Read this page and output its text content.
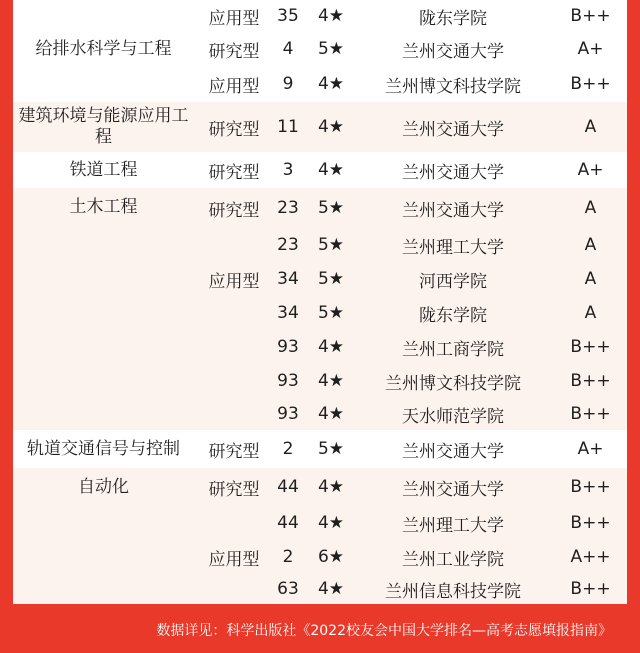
应用型	35	4★	陇东学院	B++
给排水科学与工程	研究型	4	5★	兰州交通大学	A+
应用型	9	4★	兰州博文科技学院	B++
建筑环境与能源应用工程	研究型	11	4★	兰州交通大学	A
铁道工程	研究型	3	4★	兰州交通大学	A+
土木工程	研究型	23	5★	兰州交通大学	A
23	5★	兰州理工大学	A
应用型	34	5★	河西学院	A
34	5★	陇东学院	A
93	4★	兰州工商学院	B++
93	4★	兰州博文科技学院	B++
93	4★	天水师范学院	B++
轨道交通信号与控制	研究型	2	5★	兰州交通大学	A+
自动化	研究型	44	4★	兰州交通大学	B++
44	4★	兰州理工大学	B++
应用型	2	6★	兰州工业学院	A++
63	4★	兰州信息科技学院	B++
数据详见：科学出版社《2022校友会中国大学排名—高考志愿填报指南》
